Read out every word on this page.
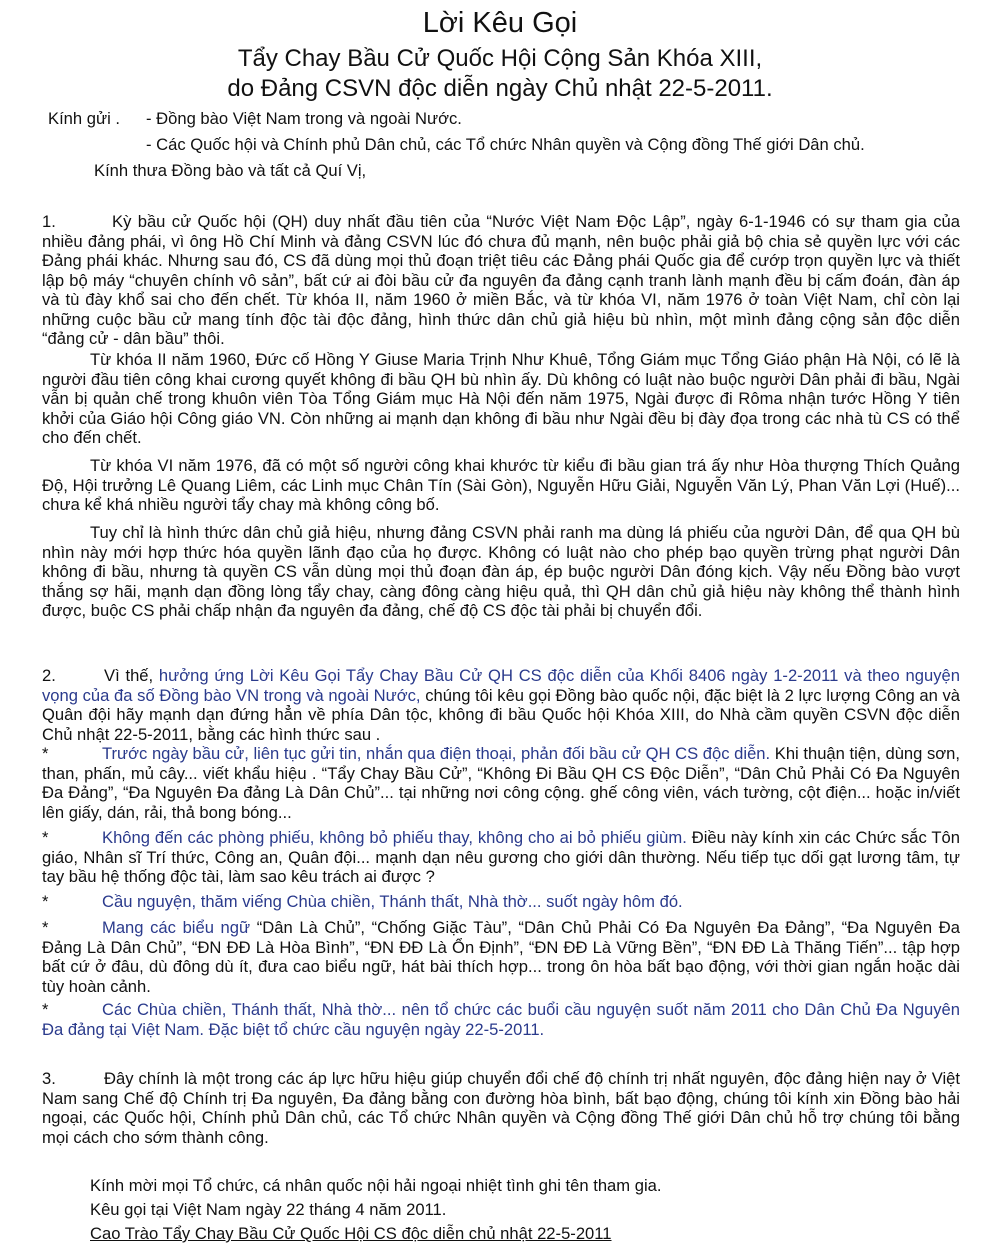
Lời Kêu Gọi
Tẩy Chay Bầu Cử Quốc Hội Cộng Sản Khóa XIII,
do Đảng CSVN độc diễn ngày Chủ nhật 22-5-2011.
Kính gửi . - Đồng bào Việt Nam trong và ngoài Nước.
- Các Quốc hội và Chính phủ Dân chủ, các Tổ chức Nhân quyền và Cộng đồng Thế giới Dân chủ.
Kính thưa Đồng bào và tất cả Quí Vị,
1.	Kỳ bầu cử Quốc hội (QH) duy nhất đầu tiên của “Nước Việt Nam Độc Lập”, ngày 6-1-1946 có sự tham gia của nhiều đảng phái, vì ông Hồ Chí Minh và đảng CSVN lúc đó chưa đủ mạnh, nên buộc phải giả bộ chia sẻ quyền lực với các Đảng phái khác. Nhưng sau đó, CS đã dùng mọi thủ đoạn triệt tiêu các Đảng phái Quốc gia để cướp trọn quyền lực và thiết lập bộ máy “chuyên chính vô sản”, bất cứ ai đòi bầu cử đa nguyên đa đảng cạnh tranh lành mạnh đều bị cấm đoán, đàn áp và tù đày khổ sai cho đến chết. Từ khóa II, năm 1960 ở miền Bắc, và từ khóa VI, năm 1976 ở toàn Việt Nam, chỉ còn lại những cuộc bầu cử mang tính độc tài độc đảng, hình thức dân chủ giả hiệu bù nhìn, một mình đảng cộng sản độc diễn “đảng cử - dân bầu” thôi.
Từ khóa II năm 1960, Đức cố Hồng Y Giuse Maria Trịnh Như Khuê, Tổng Giám mục Tổng Giáo phận Hà Nội, có lẽ là người đầu tiên công khai cương quyết không đi bầu QH bù nhìn ấy. Dù không có luật nào buộc người Dân phải đi bầu, Ngài vẫn bị quản chế trong khuôn viên Tòa Tổng Giám mục Hà Nội đến năm 1975, Ngài được đi Rôma nhận tước Hồng Y tiên khởi của Giáo hội Công giáo VN. Còn những ai mạnh dạn không đi bầu như Ngài đều bị đày đọa trong các nhà tù CS có thể cho đến chết.
Từ khóa VI năm 1976, đã có một số người công khai khước từ kiểu đi bầu gian trá ấy như Hòa thượng Thích Quảng Độ, Hội trưởng Lê Quang Liêm, các Linh mục Chân Tín (Sài Gòn), Nguyễn Hữu Giải, Nguyễn Văn Lý, Phan Văn Lợi (Huế)... chưa kể khá nhiều người tẩy chay mà không công bố.
Tuy chỉ là hình thức dân chủ giả hiệu, nhưng đảng CSVN phải ranh ma dùng lá phiếu của người Dân, để qua QH bù nhìn này mới hợp thức hóa quyền lãnh đạo của họ được. Không có luật nào cho phép bạo quyền trừng phạt người Dân không đi bầu, nhưng tà quyền CS vẫn dùng mọi thủ đoạn đàn áp, ép buộc người Dân đóng kịch. Vậy nếu Đồng bào vượt thắng sợ hãi, mạnh dạn đồng lòng tẩy chay, càng đông càng hiệu quả, thì QH dân chủ giả hiệu này không thể thành hình được, buộc CS phải chấp nhận đa nguyên đa đảng, chế độ CS độc tài phải bị chuyển đổi.
2.	Vì thế, hưởng ứng Lời Kêu Gọi Tẩy Chay Bầu Cử QH CS độc diễn của Khối 8406 ngày 1-2-2011 và theo nguyện vọng của đa số Đồng bào VN trong và ngoài Nước, chúng tôi kêu gọi Đồng bào quốc nội, đặc biệt là 2 lực lượng Công an và Quân đội hãy mạnh dạn đứng hẳn về phía Dân tộc, không đi bầu Quốc hội Khóa XIII, do Nhà cầm quyền CSVN độc diễn Chủ nhật 22-5-2011, bằng các hình thức sau .
*	Trước ngày bầu cử, liên tục gửi tin, nhắn qua điện thoại, phản đối bầu cử QH CS độc diễn. Khi thuận tiện, dùng sơn, than, phấn, mủ cây... viết khẩu hiệu . “Tẩy Chay Bầu Cử”, “Không Đi Bầu QH CS Độc Diễn”, “Dân Chủ Phải Có Đa Nguyên Đa Đảng”, “Đa Nguyên Đa đảng Là Dân Chủ”... tại những nơi công cộng. ghế công viên, vách tường, cột điện... hoặc in/viết lên giấy, dán, rải, thả bong bóng...
*	Không đến các phòng phiếu, không bỏ phiếu thay, không cho ai bỏ phiếu giùm. Điều này kính xin các Chức sắc Tôn giáo, Nhân sĩ Trí thức, Công an, Quân đội... mạnh dạn nêu gương cho giới dân thường. Nếu tiếp tục dối gạt lương tâm, tự tay bầu hệ thống độc tài, làm sao kêu trách ai được ?
*	Cầu nguyện, thăm viếng Chùa chiền, Thánh thất, Nhà thờ... suốt ngày hôm đó.
*	Mang các biểu ngữ “Dân Là Chủ”, “Chống Giặc Tàu”, “Dân Chủ Phải Có Đa Nguyên Đa Đảng”, “Đa Nguyên Đa Đảng Là Dân Chủ”, “ĐN ĐĐ Là Hòa Bình”, “ĐN ĐĐ Là Ổn Định”, “ĐN ĐĐ Là Vững Bền”, “ĐN ĐĐ Là Thăng Tiến”... tập hợp bất cứ ở đâu, dù đông dù ít, đưa cao biểu ngữ, hát bài thích hợp... trong ôn hòa bất bạo động, với thời gian ngắn hoặc dài tùy hoàn cảnh.
*	Các Chùa chiền, Thánh thất, Nhà thờ... nên tổ chức các buổi cầu nguyện suốt năm 2011 cho Dân Chủ Đa Nguyên Đa đảng tại Việt Nam. Đặc biệt tổ chức cầu nguyện ngày 22-5-2011.
3.	Đây chính là một trong các áp lực hữu hiệu giúp chuyển đổi chế độ chính trị nhất nguyên, độc đảng hiện nay ở Việt Nam sang Chế độ Chính trị Đa nguyên, Đa đảng bằng con đường hòa bình, bất bạo động, chúng tôi kính xin Đồng bào hải ngoại, các Quốc hội, Chính phủ Dân chủ, các Tổ chức Nhân quyền và Cộng đồng Thế giới Dân chủ hỗ trợ chúng tôi bằng mọi cách cho sớm thành công.
Kính mời mọi Tổ chức, cá nhân quốc nội hải ngoại nhiệt tình ghi tên tham gia.
Kêu gọi tại Việt Nam ngày 22 tháng 4 năm 2011.
Cao Trào Tẩy Chay Bầu Cử Quốc Hội CS độc diễn chủ nhật 22-5-2011
